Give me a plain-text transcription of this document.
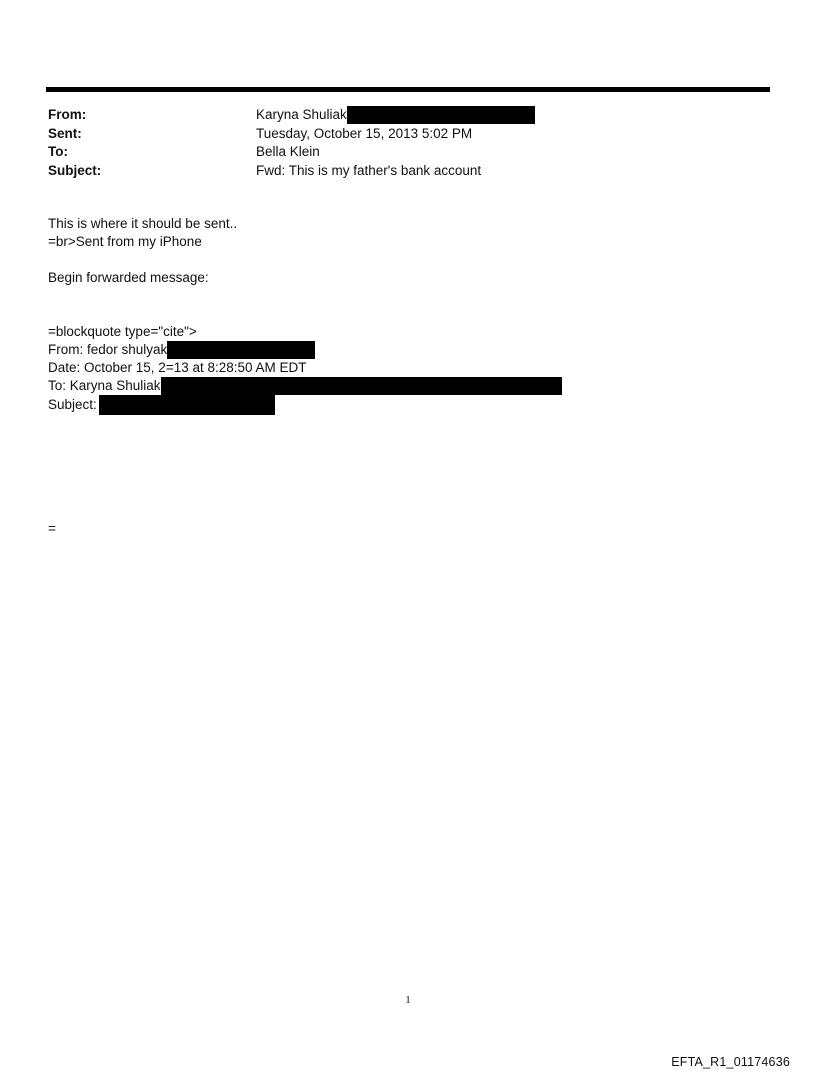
From:	Karyna Shuliak
Sent:	Tuesday, October 15, 2013 5:02 PM
To:	Bella Klein
Subject:	Fwd: This is my father's bank account
This is where it should be sent..
=br>Sent from my iPhone
Begin forwarded message:
=blockquote type="cite">
From: fedor shulyak
Date: October 15, 2=13 at 8:28:50 AM EDT
To: Karyna Shuliak
Subject:
=
1
EFTA_R1_01174636
